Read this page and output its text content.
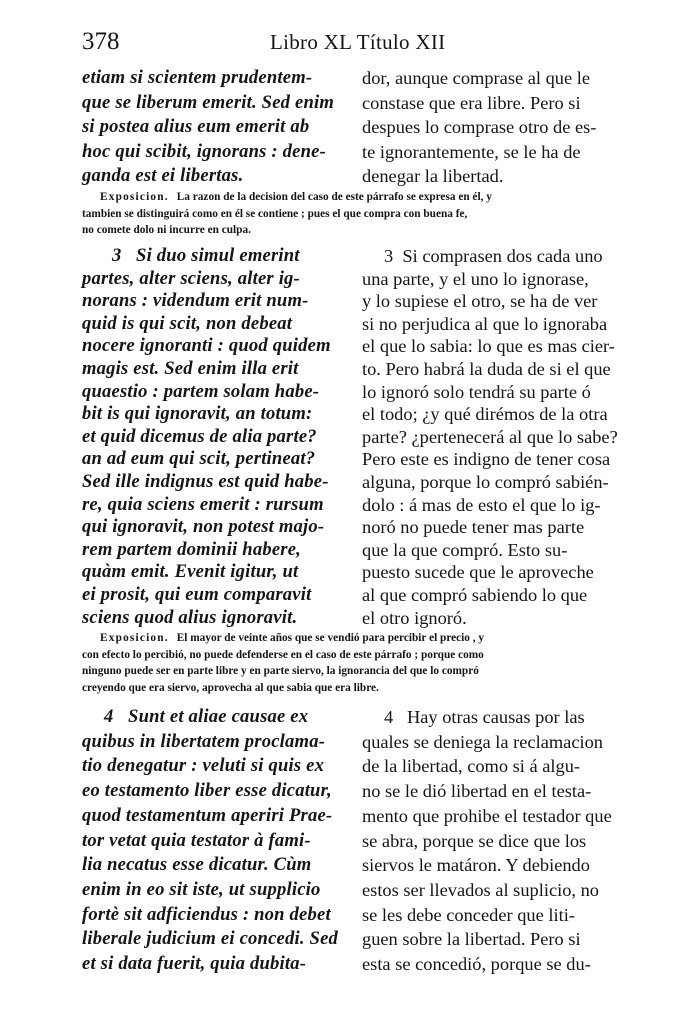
378	Libro XL Título XII
etiam si scientem prudentem-
que se liberum emerit. Sed enim
si postea alius eum emerit ab
hoc qui scibit, ignorans : dene-
ganda est ei libertas.
dor, aunque comprase al que le
constase que era libre. Pero si
despues lo comprase otro de es-
te ignorantemente, se le ha de
denegar la libertad.
Exposicion. La razon de la decision del caso de este párrafo se expresa en él, y
tambien se distinguirá como en él se contiene ; pues el que compra con buena fe,
no comete dolo ni incurre en culpa.
3   Si duo simul emerint
partes, alter sciens, alter ig-
norans : videndum erit num-
quid is qui scit, non debeat
nocere ignoranti : quod quidem
magis est. Sed enim illa erit
quaestio : partem solam habe-
bit is qui ignoravit, an totum:
et quid dicemus de alia parte?
an ad eum qui scit, pertineat?
Sed ille indignus est quid habe-
re, quia sciens emerit : rursum
qui ignoravit, non potest majo-
rem partem dominii habere,
quàm emit. Evenit igitur, ut
ei prosit, qui eum comparavit
sciens quod alius ignoravit.
3  Si comprasen dos cada uno
una parte, y el uno lo ignorase,
y lo supiese el otro, se ha de ver
si no perjudica al que lo ignoraba
el que lo sabia: lo que es mas cier-
to. Pero habrá la duda de si el que
lo ignoró solo tendrá su parte ó
el todo; ¿y qué dirémos de la otra
parte? ¿pertenecerá al que lo sabe?
Pero este es indigno de tener cosa
alguna, porque lo compró sabién-
dolo : á mas de esto el que lo ig-
noró no puede tener mas parte
que la que compró. Esto su-
puesto sucede que le aproveche
al que compró sabiendo lo que
el otro ignoró.
Exposicion. El mayor de veinte años que se vendió para percibir el precio , y
con efecto lo percibió, no puede defenderse en el caso de este párrafo ; porque como
ninguno puede ser en parte libre y en parte siervo, la ignorancia del que lo compró
creyendo que era siervo, aprovecha al que sabia que era libre.
4   Sunt et aliae causae ex
quibus in libertatem proclama-
tio denegatur : veluti si quis ex
eo testamento liber esse dicatur,
quod testamentum aperiri Prae-
tor vetat quia testator à fami-
lia necatus esse dicatur. Cùm
enim in eo sit iste, ut supplicio
fortè sit adficiendus : non debet
liberale judicium ei concedi. Sed
et si data fuerit, quia dubita-
4   Hay otras causas por las
quales se deniega la reclamacion
de la libertad, como si á algu-
no se le dió libertad en el testa-
mento que prohibe el testador que
se abra, porque se dice que los
siervos le matáron. Y debiendo
estos ser llevados al suplicio, no
se les debe conceder que liti-
guen sobre la libertad. Pero si
esta se concedió, porque se du-
